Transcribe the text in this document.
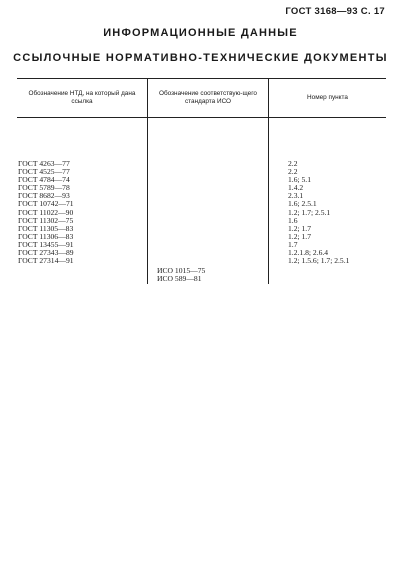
ГОСТ 3168—93 С. 17
ИНФОРМАЦИОННЫЕ ДАННЫЕ
ССЫЛОЧНЫЕ НОРМАТИВНО-ТЕХНИЧЕСКИЕ ДОКУМЕНТЫ
Обозначение НТД, на который дана ссылка
Обозначение соответствую-щего стандарта ИСО
Номер пункта
ГОСТ 4263—77
ГОСТ 4525—77
ГОСТ 4784—74
ГОСТ 5789—78
ГОСТ 8682—93
ГОСТ 10742—71
ГОСТ 11022—90
ГОСТ 11302—75
ГОСТ 11305—83
ГОСТ 11306—83
ГОСТ 13455—91
ГОСТ 27343—89
ГОСТ 27314—91
ИСО 1015—75
ИСО 589—81
2.2
2.2
1.6; 5.1
1.4.2
2.3.1
1.6; 2.5.1
1.2; 1.7; 2.5.1
1.6
1.2; 1.7
1.2; 1.7
1.7
1.2.1.8; 2.6.4
1.2; 1.5.6; 1.7; 2.5.1
